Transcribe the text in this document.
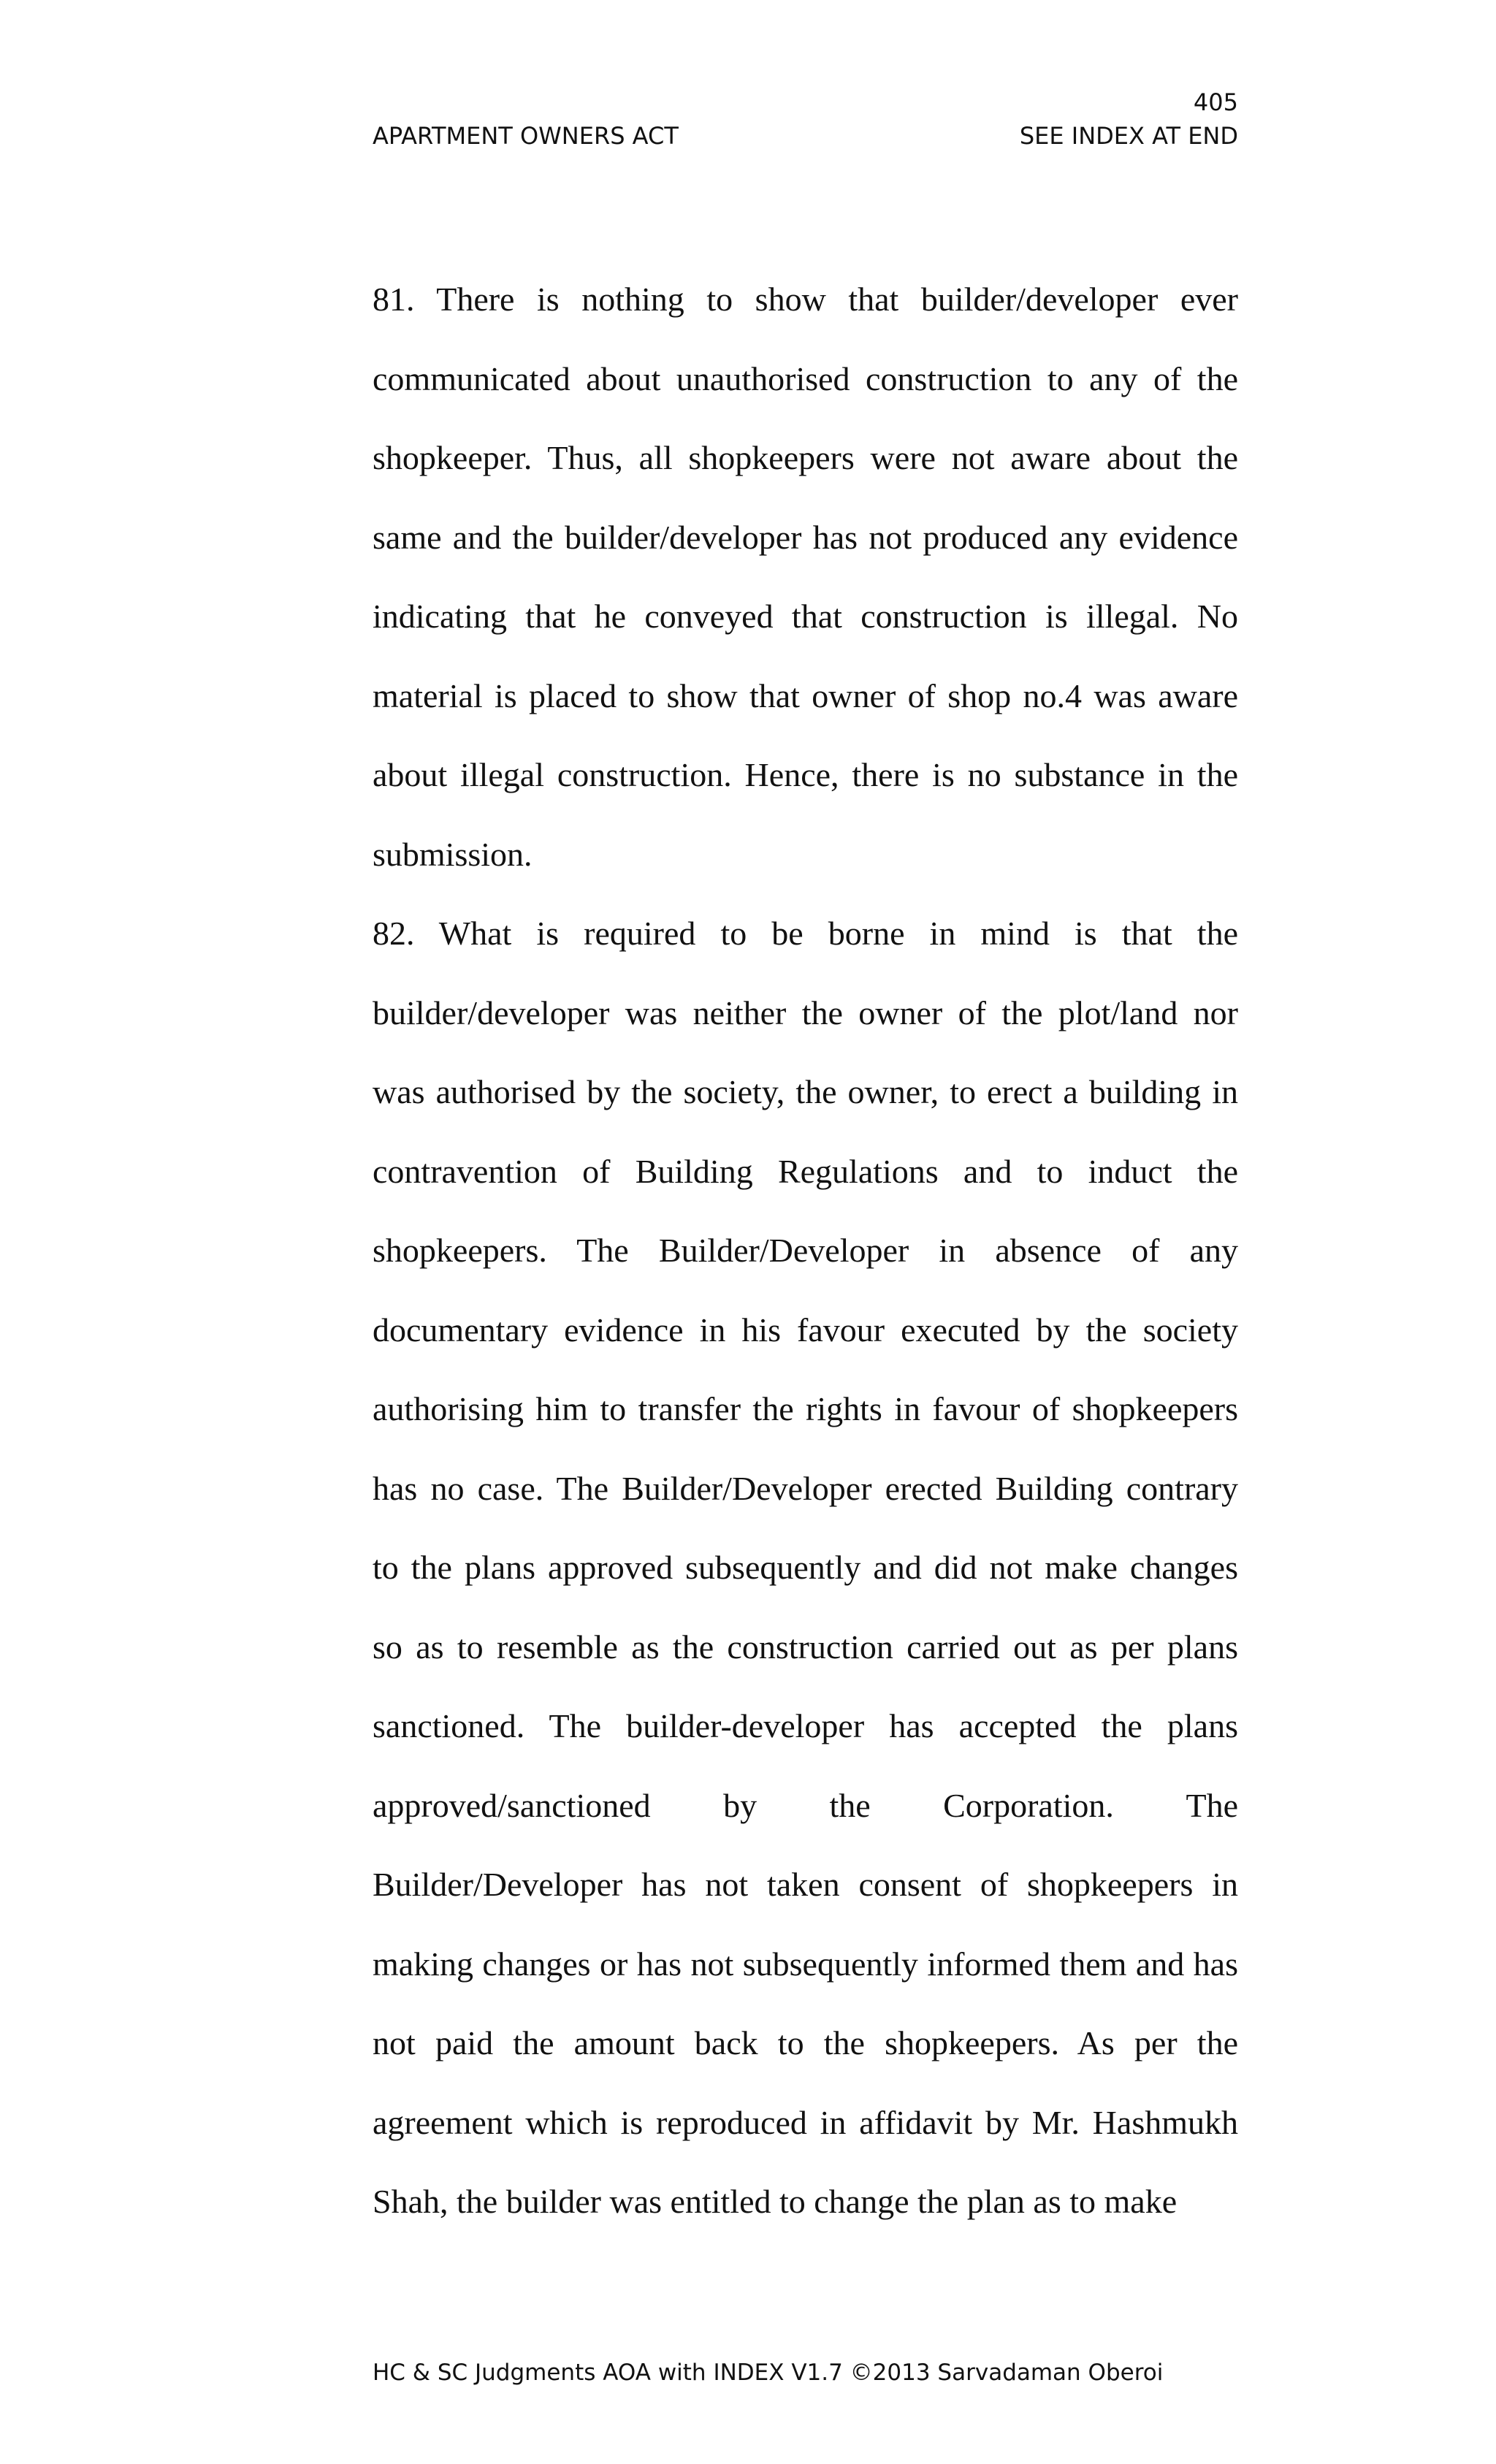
405
APARTMENT OWNERS ACT	SEE INDEX AT END

81. There is nothing to show that builder/developer ever communicated about unauthorised construction to any of the shopkeeper. Thus, all shopkeepers were not aware about the same and the builder/developer has not produced any evidence indicating that he conveyed that construction is illegal. No material is placed to show that owner of shop no.4 was aware about illegal construction. Hence, there is no substance in the submission.

82. What is required to be borne in mind is that the builder/developer was neither the owner of the plot/land nor was authorised by the society, the owner, to erect a building in contravention of Building Regulations and to induct the shopkeepers. The Builder/Developer in absence of any documentary evidence in his favour executed by the society authorising him to transfer the rights in favour of shopkeepers has no case. The Builder/Developer erected Building contrary to the plans approved subsequently and did not make changes so as to resemble as the construction carried out as per plans sanctioned. The builder-developer has accepted the plans approved/sanctioned by the Corporation. The Builder/Developer has not taken consent of shopkeepers in making changes or has not subsequently informed them and has not paid the amount back to the shopkeepers. As per the agreement which is reproduced in affidavit by Mr. Hashmukh Shah, the builder was entitled to change the plan as to make

HC & SC Judgments AOA with INDEX V1.7 ©2013 Sarvadaman Oberoi
